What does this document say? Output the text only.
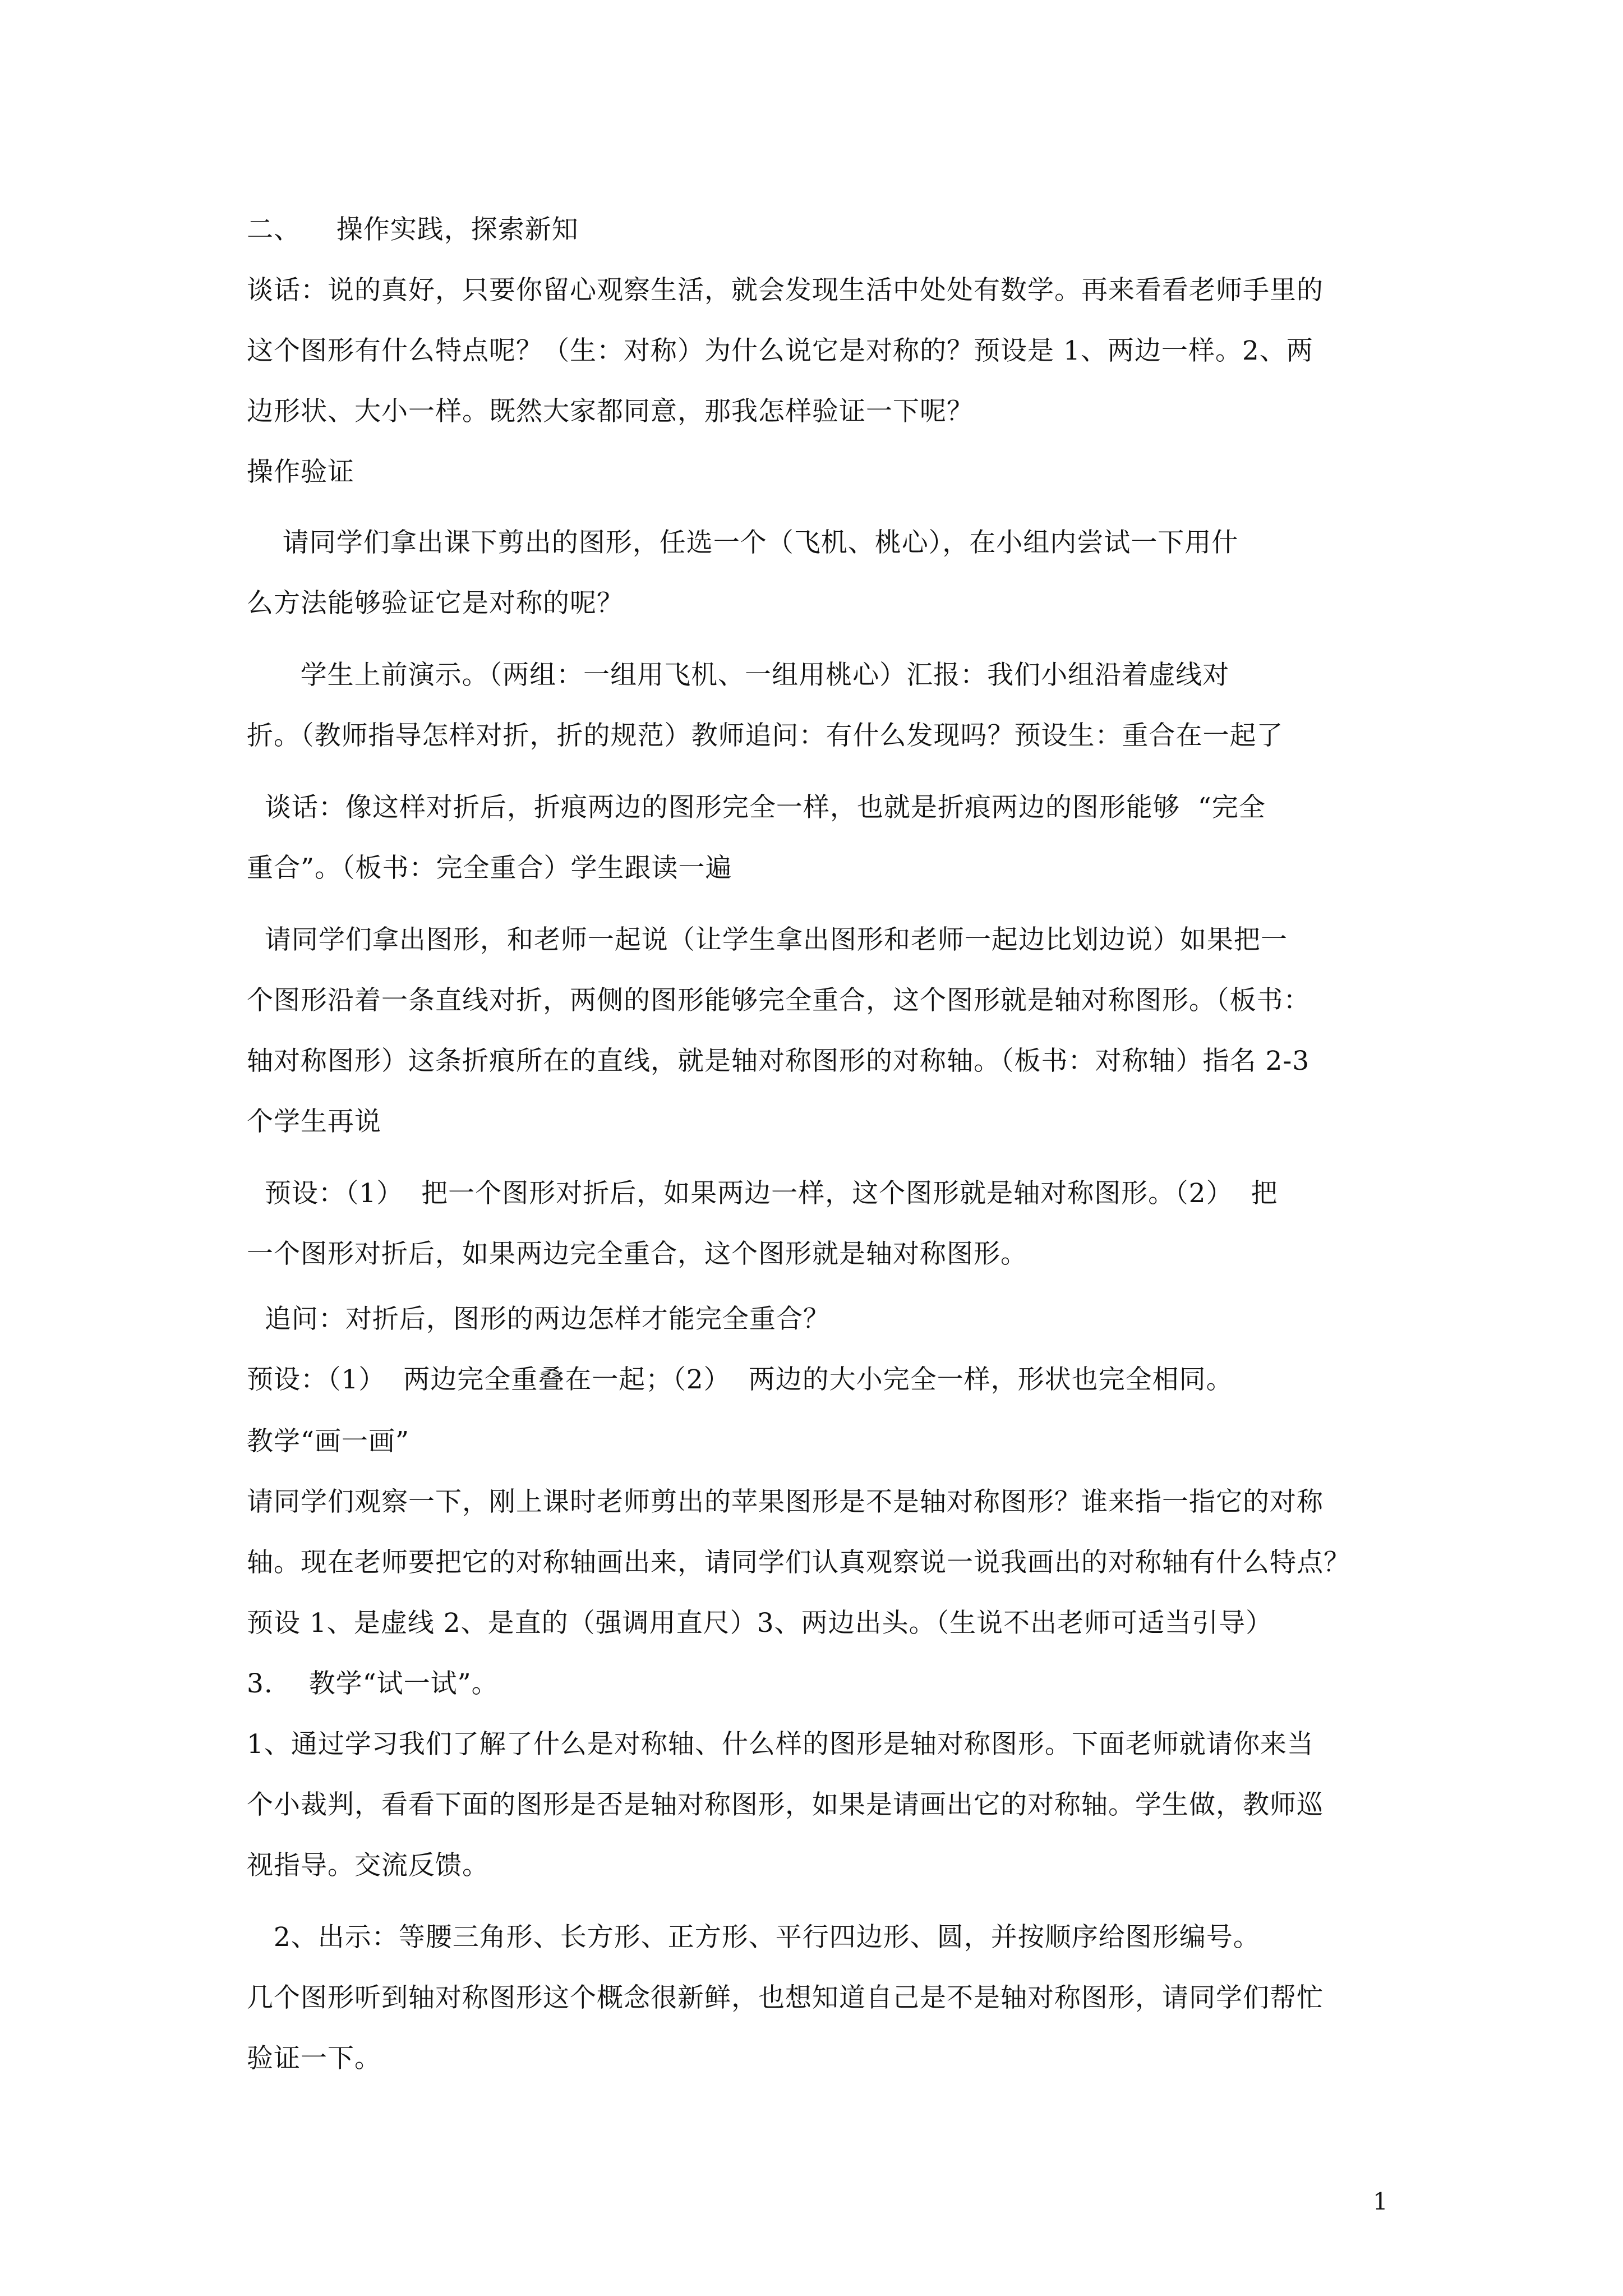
二、    操作实践，探索新知
谈话：说的真好，只要你留心观察生活，就会发现生活中处处有数学。再来看看老师手里的
这个图形有什么特点呢？（生：对称）为什么说它是对称的？预设是 1、两边一样。2、两
边形状、大小一样。既然大家都同意，那我怎样验证一下呢？
操作验证
请同学们拿出课下剪出的图形，任选一个（飞机、桃心），在小组内尝试一下用什
么方法能够验证它是对称的呢？
学生上前演示。（两组：一组用飞机、一组用桃心）汇报：我们小组沿着虚线对
折。（教师指导怎样对折，折的规范）教师追问：有什么发现吗？预设生：重合在一起了
谈话：像这样对折后，折痕两边的图形完全一样，也就是折痕两边的图形能够  “完全
重合”。（板书：完全重合）学生跟读一遍
请同学们拿出图形，和老师一起说（让学生拿出图形和老师一起边比划边说）如果把一
个图形沿着一条直线对折，两侧的图形能够完全重合，这个图形就是轴对称图形。（板书：
轴对称图形）这条折痕所在的直线，就是轴对称图形的对称轴。（板书：对称轴）指名 2-3
个学生再说
预设：（1）  把一个图形对折后，如果两边一样，这个图形就是轴对称图形。（2）  把
一个图形对折后，如果两边完全重合，这个图形就是轴对称图形。
追问：对折后，图形的两边怎样才能完全重合？
预设：（1）  两边完全重叠在一起；（2）  两边的大小完全一样，形状也完全相同。
教学“画一画”
请同学们观察一下，刚上课时老师剪出的苹果图形是不是轴对称图形？谁来指一指它的对称
轴。现在老师要把它的对称轴画出来，请同学们认真观察说一说我画出的对称轴有什么特点？
预设 1、是虚线 2、是直的（强调用直尺）3、两边出头。（生说不出老师可适当引导）
3.    教学“试一试”。
1、通过学习我们了解了什么是对称轴、什么样的图形是轴对称图形。下面老师就请你来当
个小裁判，看看下面的图形是否是轴对称图形，如果是请画出它的对称轴。学生做，教师巡
视指导。交流反馈。
2、出示：等腰三角形、长方形、正方形、平行四边形、圆，并按顺序给图形编号。
几个图形听到轴对称图形这个概念很新鲜，也想知道自己是不是轴对称图形，请同学们帮忙
验证一下。
1
